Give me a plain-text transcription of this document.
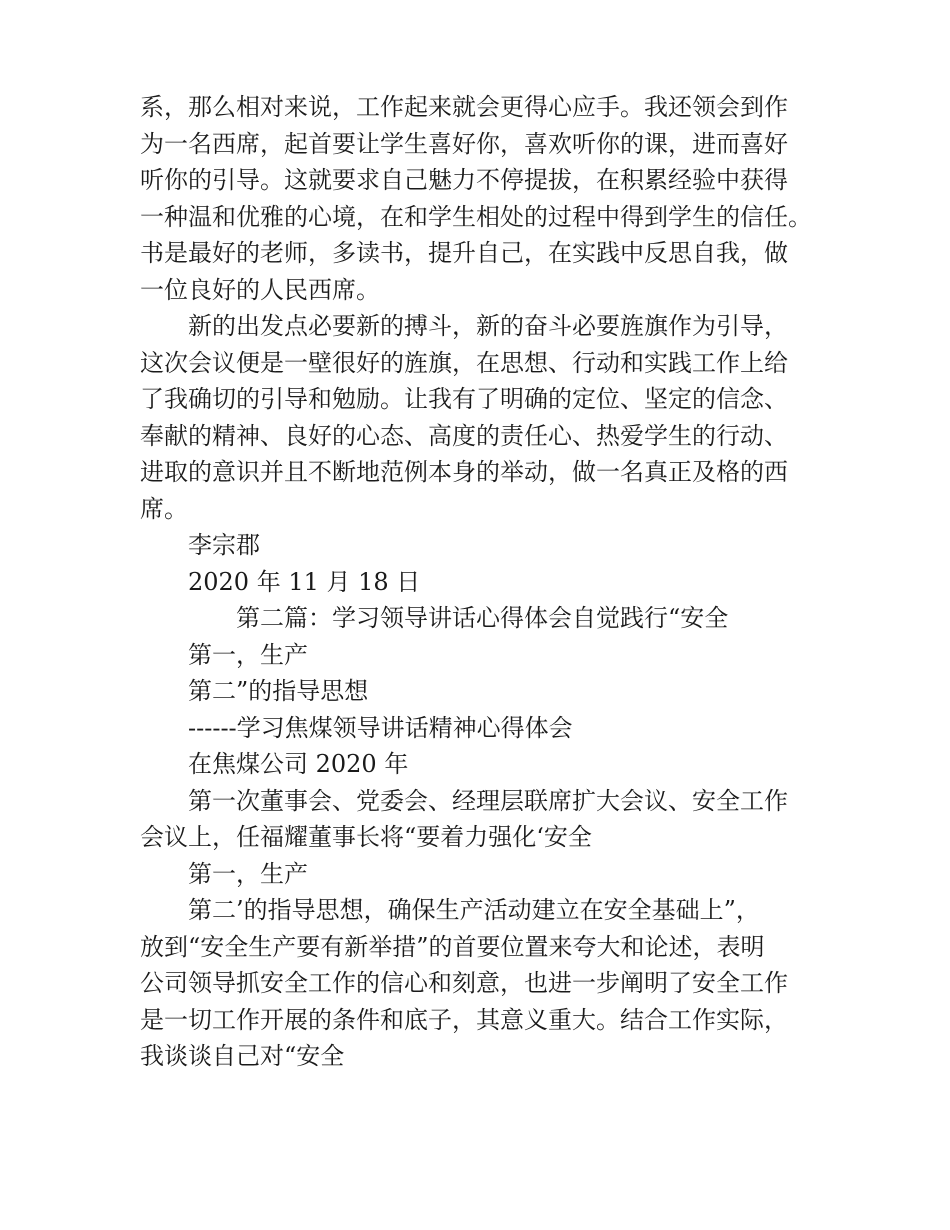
系，那么相对来说，工作起来就会更得心应手。我还领会到作
为一名西席，起首要让学生喜好你，喜欢听你的课，进而喜好
听你的引导。这就要求自己魅力不停提拔，在积累经验中获得
一种温和优雅的心境，在和学生相处的过程中得到学生的信任。
书是最好的老师，多读书，提升自己，在实践中反思自我，做
一位良好的人民西席。
新的出发点必要新的搏斗，新的奋斗必要旌旗作为引导，
这次会议便是一壁很好的旌旗，在思想、行动和实践工作上给
了我确切的引导和勉励。让我有了明确的定位、坚定的信念、
奉献的精神、良好的心态、高度的责任心、热爱学生的行动、
进取的意识并且不断地范例本身的举动，做一名真正及格的西
席。
李宗郡
2020 年 11 月 18 日
第二篇：学习领导讲话心得体会自觉践行“安全
第一，生产
第二”的指导思想
------学习焦煤领导讲话精神心得体会
在焦煤公司 2020 年
第一次董事会、党委会、经理层联席扩大会议、安全工作
会议上，任福耀董事长将“要着力强化‘安全
第一，生产
第二’的指导思想，确保生产活动建立在安全基础上”，
放到“安全生产要有新举措”的首要位置来夸大和论述，表明
公司领导抓安全工作的信心和刻意，也进一步阐明了安全工作
是一切工作开展的条件和底子，其意义重大。结合工作实际，
我谈谈自己对“安全
